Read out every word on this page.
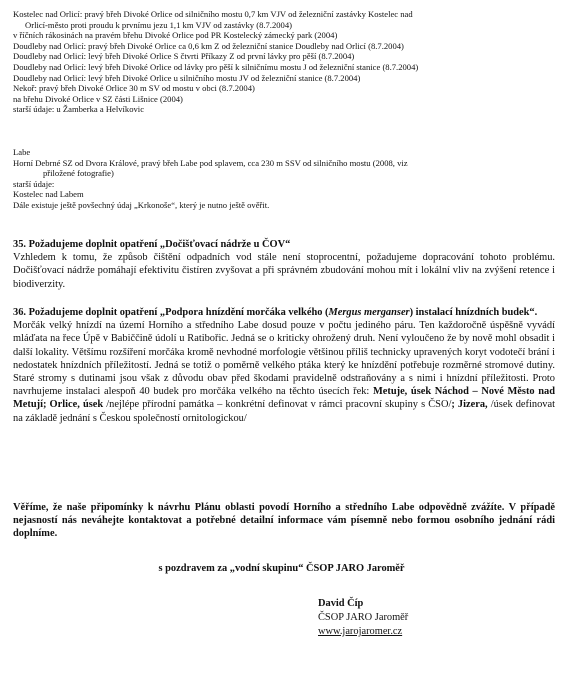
Kostelec nad Orlicí: pravý břeh Divoké Orlice od silničního mostu 0,7 km VJV od železniční zastávky Kostelec nad
Orlicí-město proti proudu k prvnímu jezu 1,1 km VJV od zastávky (8.7.2004)
v říčních rákosinách na pravém břehu Divoké Orlice pod PR Kostelecký zámecký park (2004)
Doudleby nad Orlicí: pravý břeh Divoké Orlice ca 0,6 km Z od železniční stanice Doudleby nad Orlicí (8.7.2004)
Doudleby nad Orlicí: levý břeh Divoké Orlice S čtvrti Příkazy Z od první lávky pro pěší (8.7.2004)
Doudleby nad Orlicí: levý břeh Divoké Orlice od lávky pro pěší k silničnímu mostu J od železniční stanice (8.7.2004)
Doudleby nad Orlicí: levý břeh Divoké Orlice u silničního mostu JV od železniční stanice (8.7.2004)
Nekoř: pravý břeh Divoké Orlice 30 m SV od mostu v obci (8.7.2004)
na břehu Divoké Orlice v SZ části Lišnice (2004)
starší údaje: u Žamberka a Helvíkovic
Labe
Horní Debrné SZ od Dvora Králové, pravý břeh Labe pod splavem, cca 230 m SSV od silničního mostu (2008, viz
přiložené fotografie)
starší údaje:
Kostelec nad Labem
Dále existuje ještě povšechný údaj „Krkonoše“, který je nutno ještě ověřit.

35. Požadujeme doplnit opatření „Dočišťovací nádrže u ČOV“

Vzhledem k tomu, že způsob čištění odpadních vod stále není stoprocentní, požadujeme dopracování tohoto problému. Dočišťovací nádrže pomáhají efektivitu čistíren zvyšovat a při správném zbudování mohou mít i lokální vliv na zvýšení retence i biodiverzity.

36. Požadujeme doplnit opatření „Podpora hnízdění morčáka velkého (Mergus merganser) instalací hnízdních budek“.

Morčák velký hnízdí na území Horního a středního Labe dosud pouze v počtu jediného páru. Ten každoročně úspěšně vyvádí mláďata na řece Úpě v Babiččině údolí u Ratibořic. Jedná se o kriticky ohrožený druh. Není vyloučeno že by nově mohl obsadit i další lokality. Většímu rozšíření morčáka kromě nevhodné morfologie většinou příliš technicky upravených koryt vodotečí brání i nedostatek hnízdních příležitostí. Jedná se totiž o poměrně velkého ptáka který ke hnízdění potřebuje rozměrné stromové dutiny. Staré stromy s dutinami jsou však z důvodu obav před škodami pravidelně odstraňovány a s nimi i hnízdní příležitosti. Proto navrhujeme instalaci alespoň 40 budek pro morčáka velkého na těchto úsecích řek: Metuje, úsek Náchod – Nové Město nad Metují; Orlice, úsek /nejlépe přírodní památka – konkrétní definovat v rámci pracovní skupiny s ČSO/; Jizera, /úsek definovat na základě jednání s Českou společností ornitologickou/

Věříme, že naše připomínky k návrhu Plánu oblasti povodí Horního a středního Labe odpovědně zvážíte. V případě nejasností nás neváhejte kontaktovat a potřebné detailní informace vám písemně nebo formou osobního jednání rádi doplníme.

s pozdravem za „vodní skupinu“ ČSOP JARO Jaroměř
David Číp
ČSOP JARO Jaroměř
www.jarojaromer.cz
